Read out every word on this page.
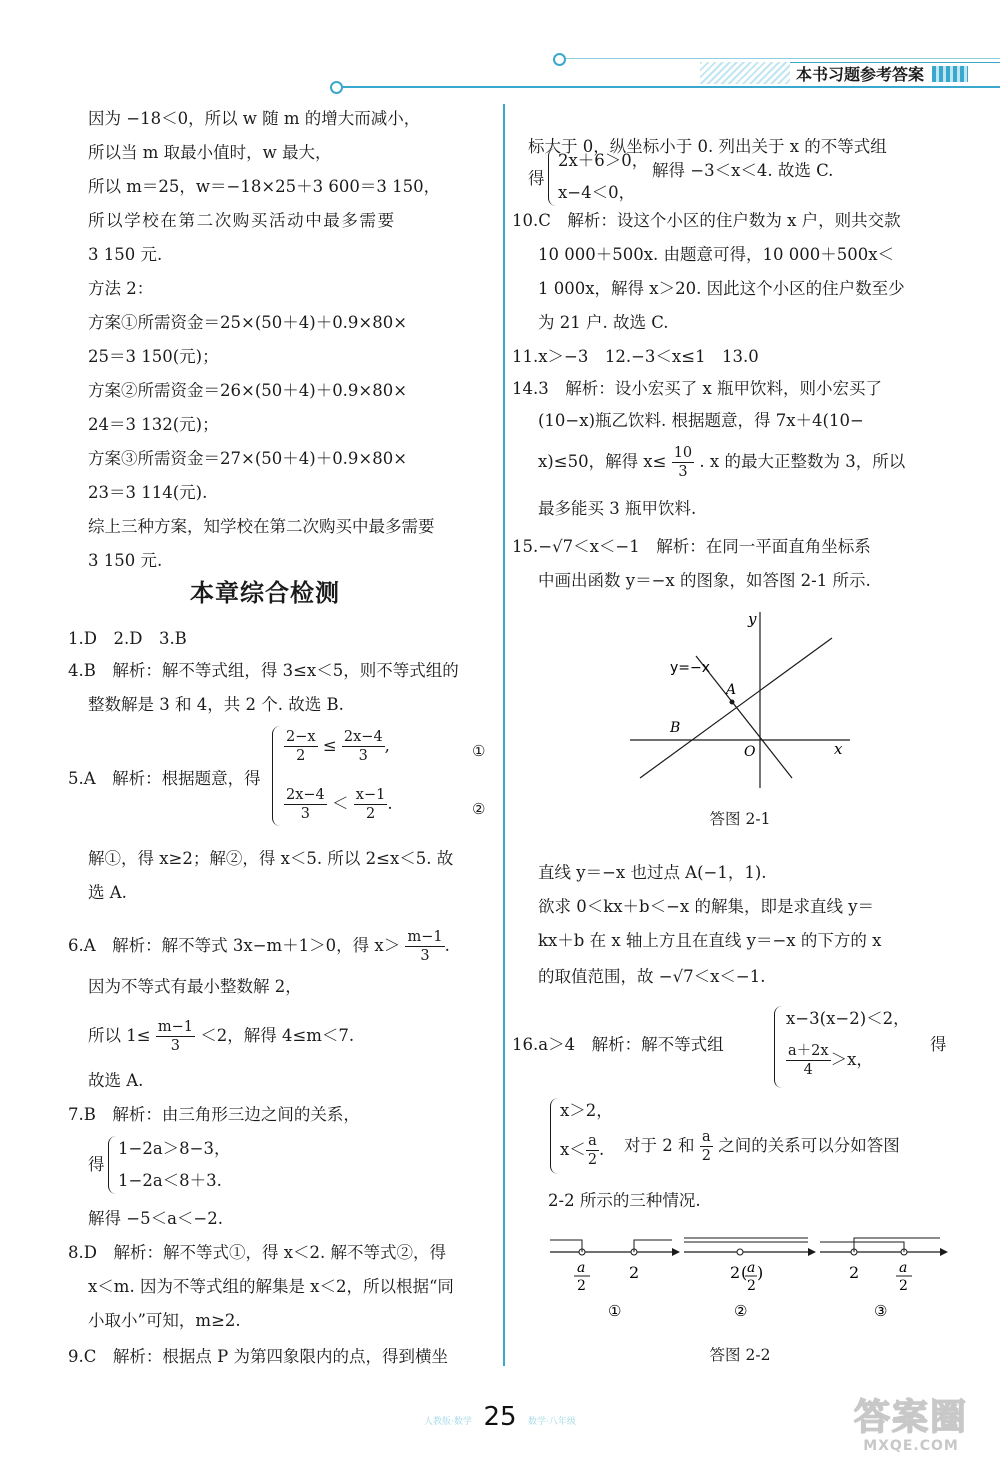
本书习题参考答案
因为 −18＜0，所以 w 随 m 的增大而减小，
所以当 m 取最小值时，w 最大，
所以 m＝25，w＝−18×25＋3 600＝3 150，
所以学校在第二次购买活动中最多需要
3 150 元.
方法 2：
方案①所需资金＝25×(50＋4)＋0.9×80×
25＝3 150(元)；
方案②所需资金＝26×(50＋4)＋0.9×80×
24＝3 132(元)；
方案③所需资金＝27×(50＋4)＋0.9×80×
23＝3 114(元).
综上三种方案，知学校在第二次购买中最多需要
3 150 元.
本章综合检测
1.D　2.D　3.B
4.B　解析：解不等式组，得 3≤x＜5，则不等式组的
整数解是 3 和 4，共 2 个. 故选 B.
5.A　解析：根据题意，得
$\frac{2-x}{2} \le \frac{2x-4}{3}$ ,	①
$\frac{2x-4}{3} < \frac{x-1}{2}$ .	②
解①，得 x≥2；解②，得 x＜5. 所以 2≤x＜5. 故
选 A.
6.A　解析：解不等式 3x−m＋1＞0，得 $x> \frac{m-1}{3}$ .
因为不等式有最小整数解 2，
所以 $1\le \frac{m-1}{3} <2$，解得 4≤m＜7.
故选 A.
7.B　解析：由三角形三边之间的关系，
得
1−2a＞8−3，
1−2a＜8＋3.
解得 −5＜a＜−2.
8.D　解析：解不等式①，得 x＜2. 解不等式②，得
x＜m. 因为不等式组的解集是 x＜2，所以根据“同
小取小”可知，m≥2.
9.C　解析：根据点 P 为第四象限内的点，得到横坐
标大于 0，纵坐标小于 0. 列出关于 x 的不等式组
得
2x＋6＞0，
x−4＜0，
解得 −3＜x＜4. 故选 C.
10.C　解析：设这个小区的住户数为 x 户，则共交款
10 000＋500x. 由题意可得，10 000＋500x＜
1 000x，解得 x＞20. 因此这个小区的住户数至少
为 21 户. 故选 C.
11.x＞−3　12.−3＜x≤1　13.0
14.3　解析：设小宏买了 x 瓶甲饮料，则小宏买了
(10−x)瓶乙饮料. 根据题意，得 7x＋4(10−
x)≤50，解得 $x\le \frac{10}{3}$ . x 的最大正整数为 3，所以
最多能买 3 瓶甲饮料.
15.−√7＜x＜−1　解析：在同一平面直角坐标系
中画出函数 y＝−x 的图象，如答图 2-1 所示.
y
x
y=−x
A
B
O
答图 2-1
直线 y＝−x 也过点 A(−1，1).
欲求 0＜kx＋b＜−x 的解集，即是求直线 y＝
kx＋b 在 x 轴上方且在直线 y＝−x 的下方的 x
的取值范围，故 −√7＜x＜−1.
16.a＞4　解析：解不等式组
x−3(x−2)＜2，
$\frac{a+2x}{4} >x$，
得
x＞2，
$x< \frac{a}{2}$ . 对于 2 和 $\frac{a}{2}$ 之间的关系可以分如答图
2-2 所示的三种情况.
a
2
2
①
2 ( a
2
)
②
2	a
2
③
答图 2-2
人教版·数学 25	数学·八年级	答案圈
MXQE.COM
